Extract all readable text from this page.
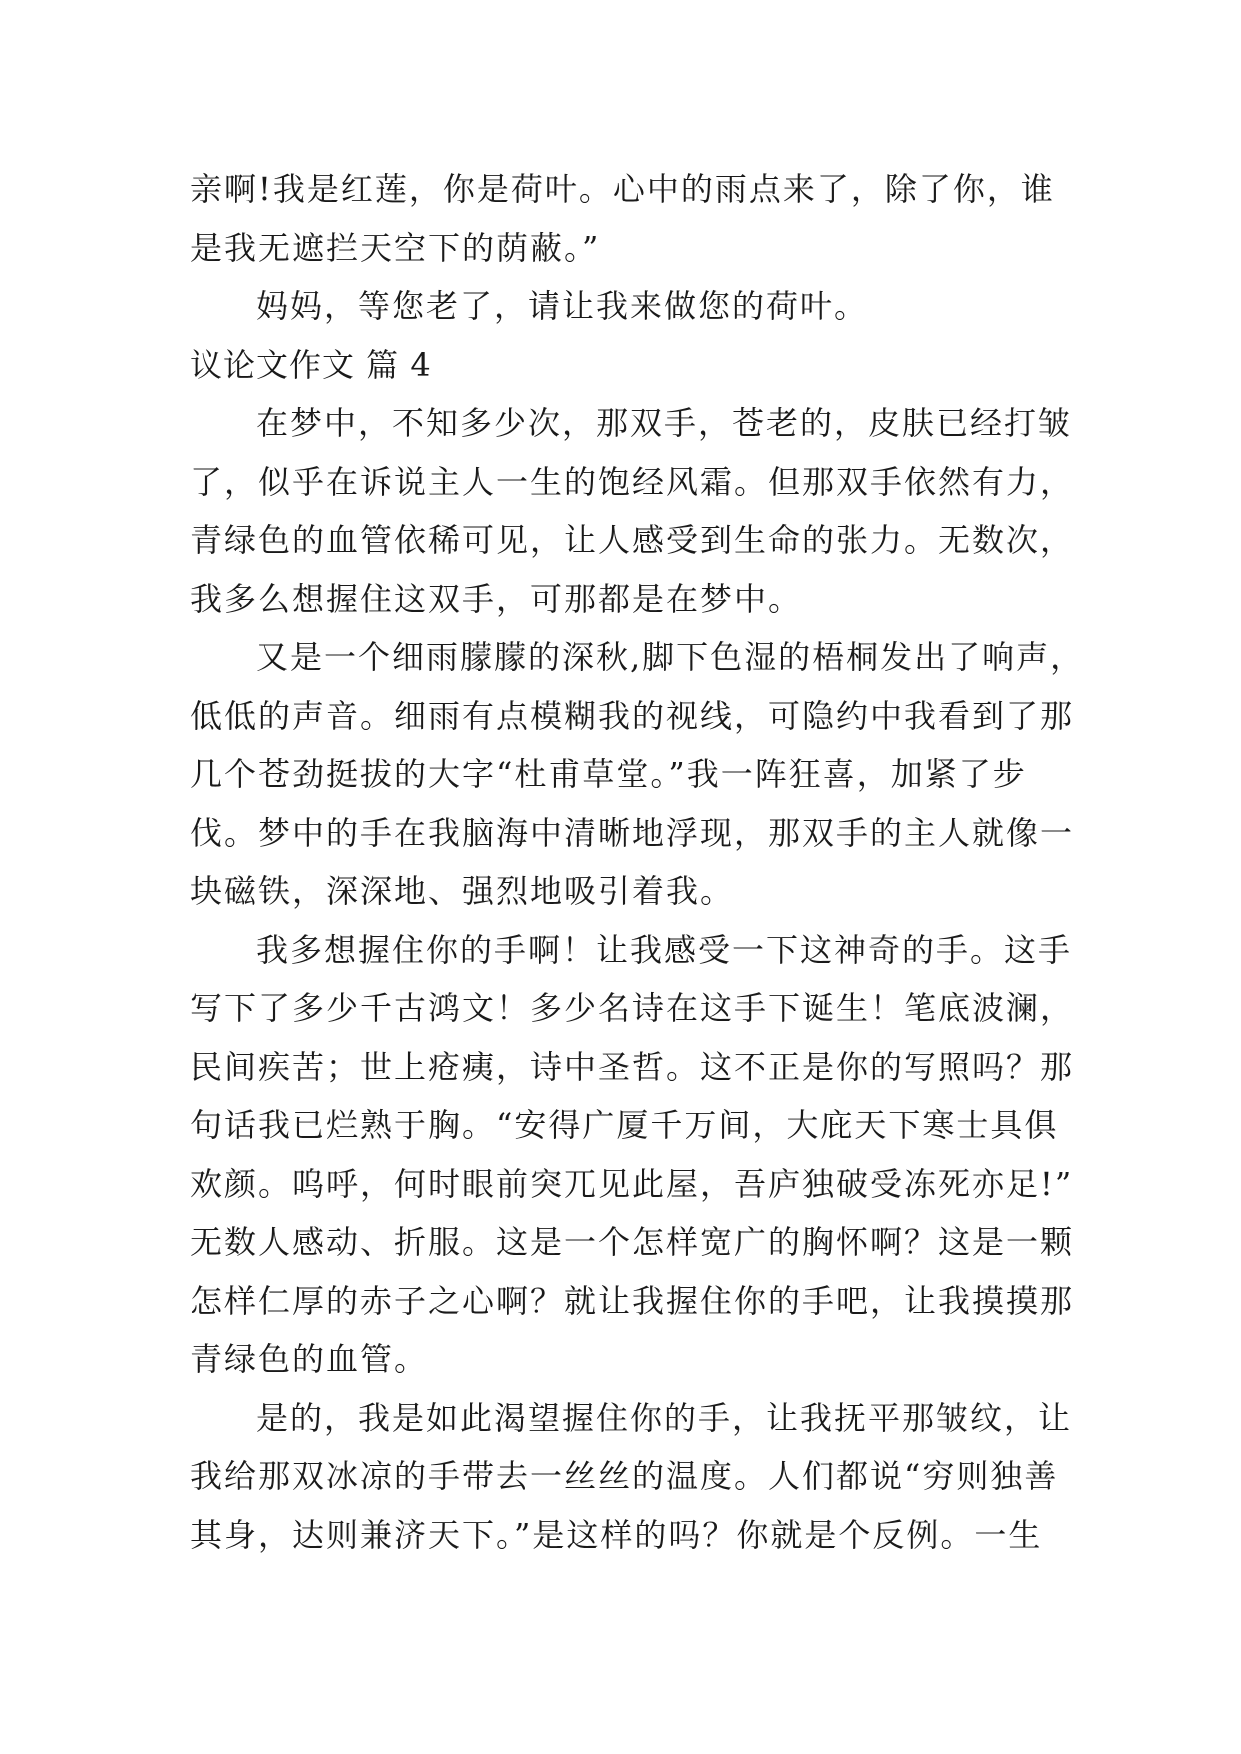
亲啊!我是红莲，你是荷叶。心中的雨点来了，除了你，谁
是我无遮拦天空下的荫蔽。”
妈妈，等您老了，请让我来做您的荷叶。
议论文作文 篇 4
在梦中，不知多少次，那双手，苍老的，皮肤已经打皱
了，似乎在诉说主人一生的饱经风霜。但那双手依然有力，
青绿色的血管依稀可见，让人感受到生命的张力。无数次，
我多么想握住这双手，可那都是在梦中。
又是一个细雨朦朦的深秋,脚下色湿的梧桐发出了响声，
低低的声音。细雨有点模糊我的视线，可隐约中我看到了那
几个苍劲挺拔的大字“杜甫草堂。”我一阵狂喜，加紧了步
伐。梦中的手在我脑海中清晰地浮现，那双手的主人就像一
块磁铁，深深地、强烈地吸引着我。
我多想握住你的手啊！让我感受一下这神奇的手。这手
写下了多少千古鸿文！多少名诗在这手下诞生！笔底波澜，
民间疾苦；世上疮痍，诗中圣哲。这不正是你的写照吗？那
句话我已烂熟于胸。“安得广厦千万间，大庇天下寒士具俱
欢颜。呜呼，何时眼前突兀见此屋，吾庐独破受冻死亦足!”
无数人感动、折服。这是一个怎样宽广的胸怀啊？这是一颗
怎样仁厚的赤子之心啊？就让我握住你的手吧，让我摸摸那
青绿色的血管。
是的，我是如此渴望握住你的手，让我抚平那皱纹，让
我给那双冰凉的手带去一丝丝的温度。人们都说“穷则独善
其身，达则兼济天下。”是这样的吗？你就是个反例。一生
